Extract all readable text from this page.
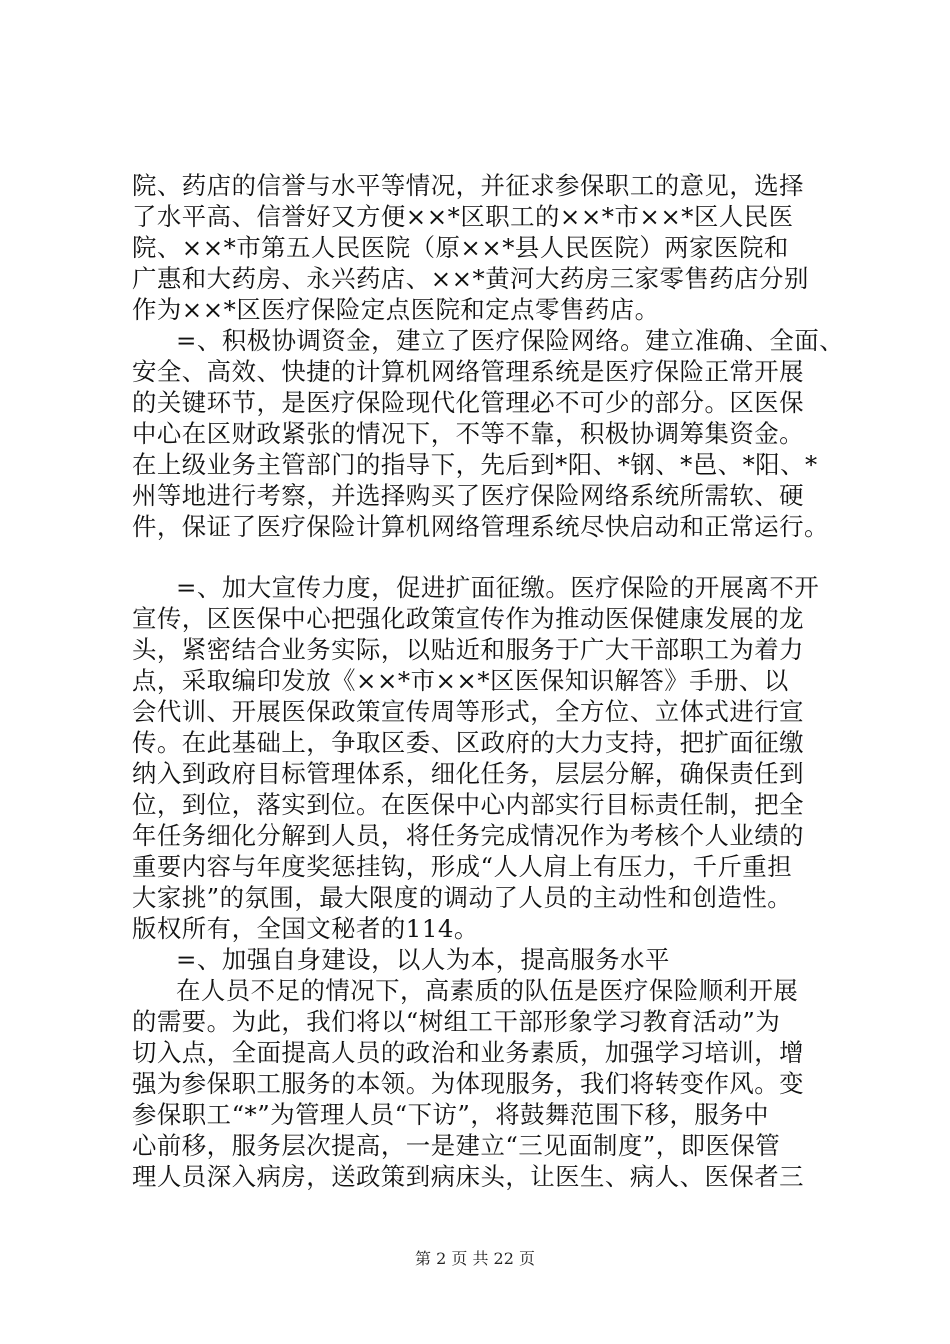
院、药店的信誉与水平等情况，并征求参保职工的意见，选择
了水平高、信誉好又方便××*区职工的××*市××*区人民医
院、××*市第五人民医院（原××*县人民医院）两家医院和
广惠和大药房、永兴药店、××*黄河大药房三家零售药店分别
作为××*区医疗保险定点医院和定点零售药店。
=、积极协调资金，建立了医疗保险网络。建立准确、全面、
安全、高效、快捷的计算机网络管理系统是医疗保险正常开展
的关键环节，是医疗保险现代化管理必不可少的部分。区医保
中心在区财政紧张的情况下，不等不靠，积极协调筹集资金。
在上级业务主管部门的指导下，先后到*阳、*钢、*邑、*阳、*
州等地进行考察，并选择购买了医疗保险网络系统所需软、硬
件，保证了医疗保险计算机网络管理系统尽快启动和正常运行。
=、加大宣传力度，促进扩面征缴。医疗保险的开展离不开
宣传，区医保中心把强化政策宣传作为推动医保健康发展的龙
头，紧密结合业务实际，以贴近和服务于广大干部职工为着力
点，采取编印发放《××*市××*区医保知识解答》手册、以
会代训、开展医保政策宣传周等形式，全方位、立体式进行宣
传。在此基础上，争取区委、区政府的大力支持，把扩面征缴
纳入到政府目标管理体系，细化任务，层层分解，确保责任到
位，到位，落实到位。在医保中心内部实行目标责任制，把全
年任务细化分解到人员，将任务完成情况作为考核个人业绩的
重要内容与年度奖惩挂钩，形成“人人肩上有压力，千斤重担
大家挑”的氛围，最大限度的调动了人员的主动性和创造性。
版权所有，全国文秘者的114。
=、加强自身建设，以人为本，提高服务水平
在人员不足的情况下，高素质的队伍是医疗保险顺利开展
的需要。为此，我们将以“树组工干部形象学习教育活动”为
切入点，全面提高人员的政治和业务素质，加强学习培训，增
强为参保职工服务的本领。为体现服务，我们将转变作风。变
参保职工“*”为管理人员“下访”，将鼓舞范围下移，服务中
心前移，服务层次提高，一是建立“三见面制度”，即医保管
理人员深入病房，送政策到病床头，让医生、病人、医保者三
第 2 页 共 22 页
